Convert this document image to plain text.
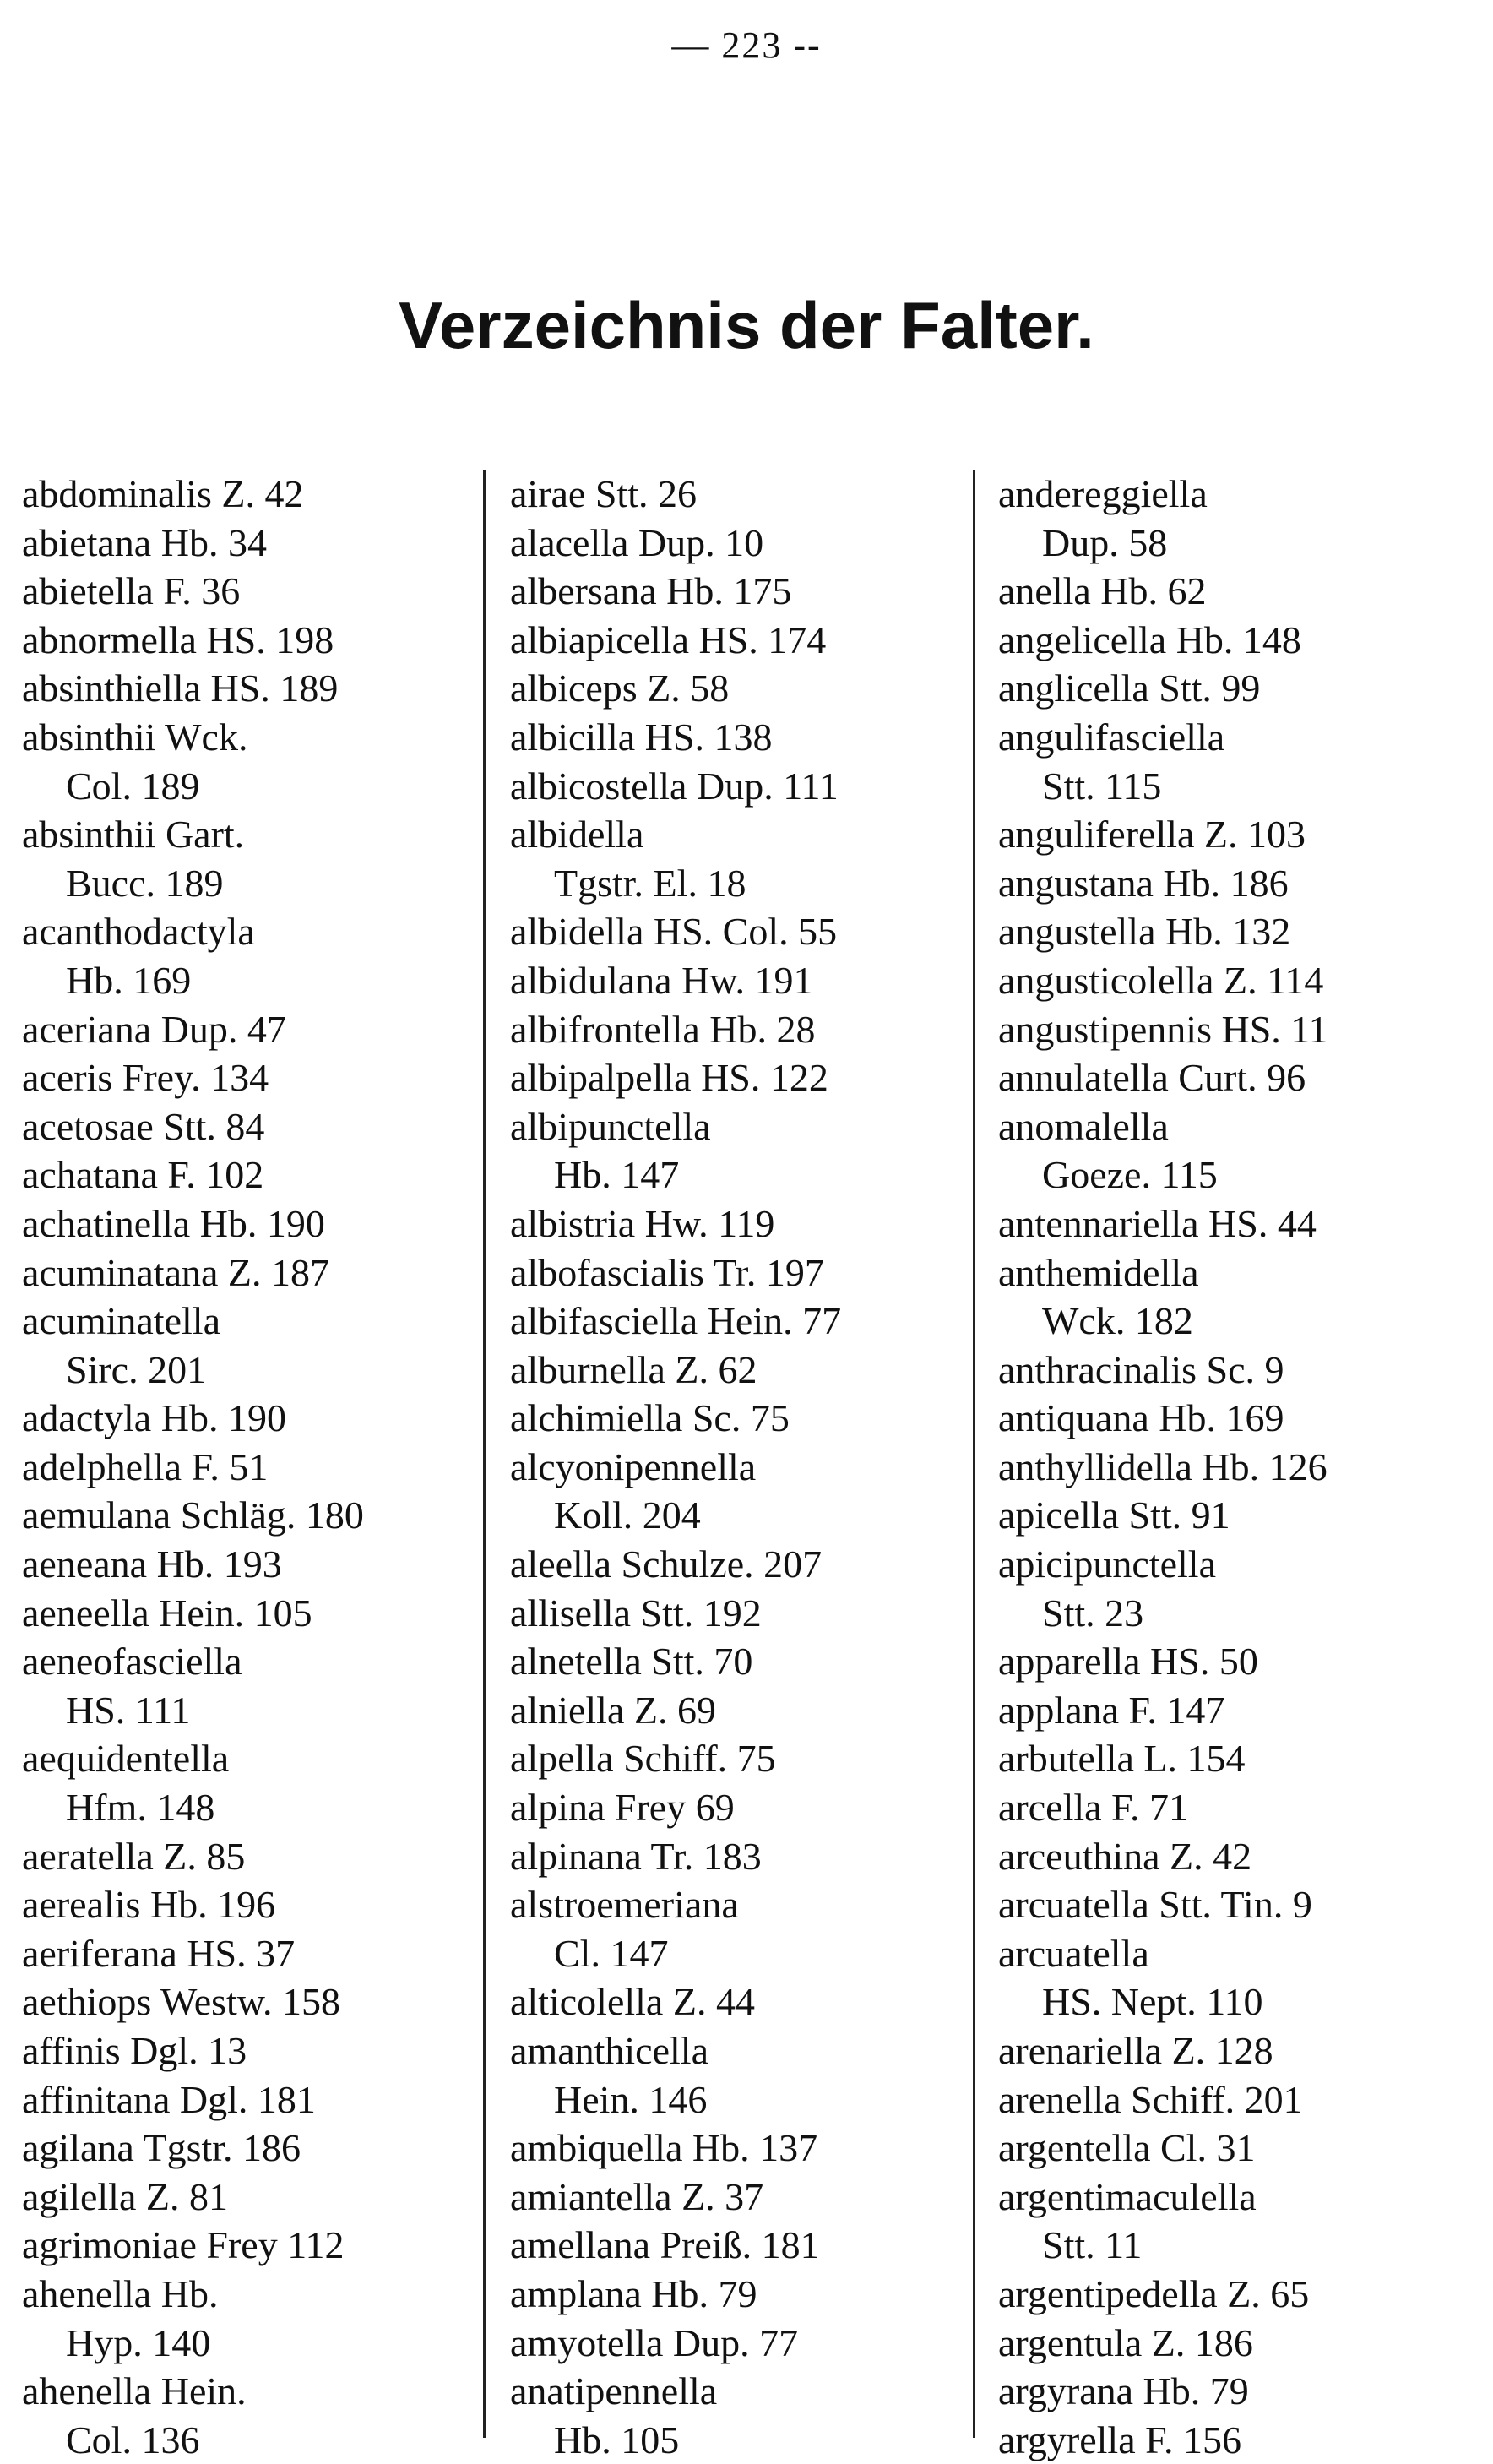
— 223 --
Verzeichnis der Falter.
abdominalis Z. 42
abietana Hb. 34
abietella F. 36
abnormella HS. 198
absinthiella HS. 189
absinthii Wck.
Col. 189
absinthii Gart.
Bucc. 189
acanthodactyla
Hb. 169
aceriana Dup. 47
aceris Frey. 134
acetosae Stt. 84
achatana F. 102
achatinella Hb. 190
acuminatana Z. 187
acuminatella
Sirc. 201
adactyla Hb. 190
adelphella F. 51
aemulana Schläg. 180
aeneana Hb. 193
aeneella Hein. 105
aeneofasciella
HS. 111
aequidentella
Hfm. 148
aeratella Z. 85
aerealis Hb. 196
aeriferana HS. 37
aethiops Westw. 158
affinis Dgl. 13
affinitana Dgl. 181
agilana Tgstr. 186
agilella Z. 81
agrimoniae Frey 112
ahenella Hb.
Hyp. 140
ahenella Hein.
Col. 136
airae Stt. 26
alacella Dup. 10
albersana Hb. 175
albiapicella HS. 174
albiceps Z. 58
albicilla HS. 138
albicostella Dup. 111
albidella
Tgstr. El. 18
albidella HS. Col. 55
albidulana Hw. 191
albifrontella Hb. 28
albipalpella HS. 122
albipunctella
Hb. 147
albistria Hw. 119
albofascialis Tr. 197
albifasciella Hein. 77
alburnella Z. 62
alchimiella Sc. 75
alcyonipennella
Koll. 204
aleella Schulze. 207
allisella Stt. 192
alnetella Stt. 70
alniella Z. 69
alpella Schiff. 75
alpina Frey 69
alpinana Tr. 183
alstroemeriana
Cl. 147
alticolella Z. 44
amanthicella
Hein. 146
ambiquella Hb. 137
amiantella Z. 37
amellana Preiß. 181
amplana Hb. 79
amyotella Dup. 77
anatipennella
Hb. 105
andereggiella
Dup. 58
anella Hb. 62
angelicella Hb. 148
anglicella Stt. 99
angulifasciella
Stt. 115
anguliferella Z. 103
angustana Hb. 186
angustella Hb. 132
angusticolella Z. 114
angustipennis HS. 11
annulatella Curt. 96
anomalella
Goeze. 115
antennariella HS. 44
anthemidella
Wck. 182
anthracinalis Sc. 9
antiquana Hb. 169
anthyllidella Hb. 126
apicella Stt. 91
apicipunctella
Stt. 23
apparella HS. 50
applana F. 147
arbutella L. 154
arcella F. 71
arceuthina Z. 42
arcuatella Stt. Tin. 9
arcuatella
HS. Nept. 110
arenariella Z. 128
arenella Schiff. 201
argentella Cl. 31
argentimaculella
Stt. 11
argentipedella Z. 65
argentula Z. 186
argyrana Hb. 79
argyrella F. 156
